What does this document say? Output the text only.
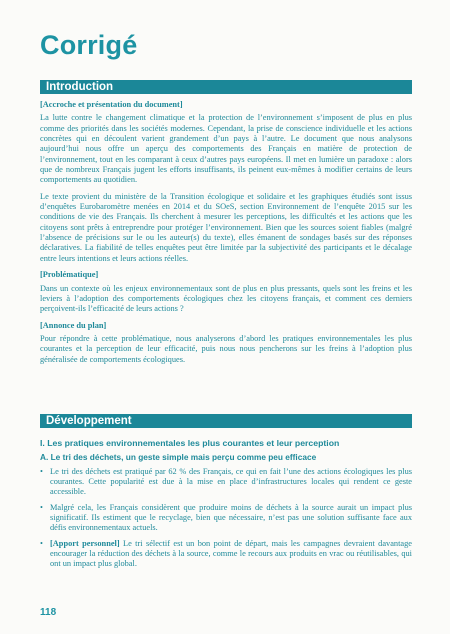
Corrigé
Introduction
[Accroche et présentation du document]

La lutte contre le changement climatique et la protection de l’environnement s’imposent de plus en plus comme des priorités dans les sociétés modernes. Cependant, la prise de conscience individuelle et les actions concrètes qui en découlent varient grandement d’un pays à l’autre. Le document que nous analysons aujourd’hui nous offre un aperçu des comportements des Français en matière de protection de l’environnement, tout en les comparant à ceux d’autres pays européens. Il met en lumière un paradoxe : alors que de nombreux Français jugent les efforts insuffisants, ils peinent eux-mêmes à modifier certains de leurs comportements au quotidien.

Le texte provient du ministère de la Transition écologique et solidaire et les graphiques étudiés sont issus d’enquêtes Eurobaromètre menées en 2014 et du SOeS, section Environnement de l’enquête 2015 sur les conditions de vie des Français. Ils cherchent à mesurer les perceptions, les difficultés et les actions que les citoyens sont prêts à entreprendre pour protéger l’environnement. Bien que les sources soient fiables (malgré l’absence de précisions sur le ou les auteur(s) du texte), elles émanent de sondages basés sur des réponses déclaratives. La fiabilité de telles enquêtes peut être limitée par la subjectivité des participants et le décalage entre leurs intentions et leurs actions réelles.

[Problématique]

Dans un contexte où les enjeux environnementaux sont de plus en plus pressants, quels sont les freins et les leviers à l’adoption des comportements écologiques chez les citoyens français, et comment ces derniers perçoivent-ils l’efficacité de leurs actions ?

[Annonce du plan]

Pour répondre à cette problématique, nous analyserons d’abord les pratiques environnementales les plus courantes et la perception de leur efficacité, puis nous nous pencherons sur les freins à l’adoption plus généralisée de comportements écologiques.

Développement
I. Les pratiques environnementales les plus courantes et leur perception
A. Le tri des déchets, un geste simple mais perçu comme peu efficace
• Le tri des déchets est pratiqué par 62 % des Français, ce qui en fait l’une des actions écologiques les plus courantes. Cette popularité est due à la mise en place d’infrastructures locales qui rendent ce geste accessible.
• Malgré cela, les Français considèrent que produire moins de déchets à la source aurait un impact plus significatif. Ils estiment que le recyclage, bien que nécessaire, n’est pas une solution suffisante face aux défis environnementaux actuels.
• [Apport personnel] Le tri sélectif est un bon point de départ, mais les campagnes devraient davantage encourager la réduction des déchets à la source, comme le recours aux produits en vrac ou réutilisables, qui ont un impact plus global.
118
